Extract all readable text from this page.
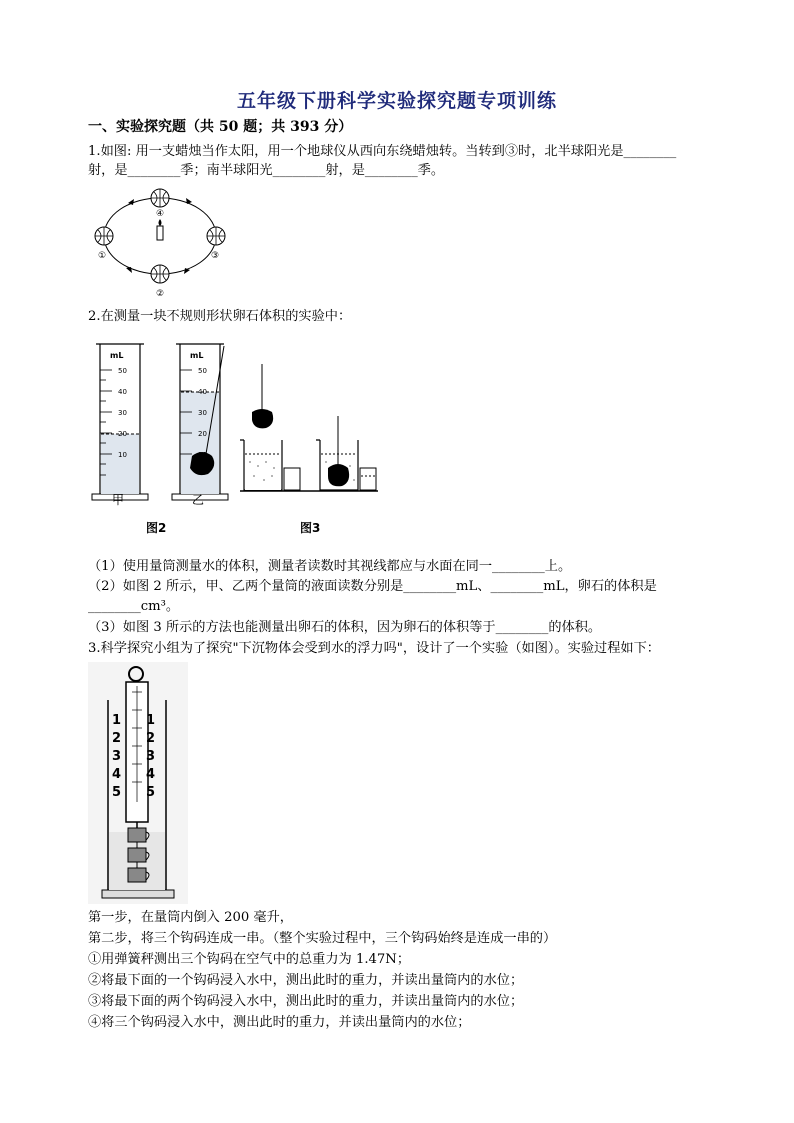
五年级下册科学实验探究题专项训练
一、实验探究题（共 50 题；共 393 分）
1.如图: 用一支蜡烛当作太阳，用一个地球仪从西向东绕蜡烛转。当转到③时，北半球阳光是________
射，是________季；南半球阳光________射，是________季。
①
②
③
④
2.在测量一块不规则形状卵石体积的实验中：
mL
50
40
30
20
10
甲
mL
50
40
30
20
10
乙
图2	图3
（1）使用量筒测量水的体积，测量者读数时其视线都应与水面在同一________上。
（2）如图 2 所示，甲、乙两个量筒的液面读数分别是________mL、________mL，卵石的体积是
________cm³。
（3）如图 3 所示的方法也能测量出卵石的体积，因为卵石的体积等于________的体积。
3.科学探究小组为了探究"下沉物体会受到水的浮力吗"，设计了一个实验（如图）。实验过程如下：
1
2
3
4
5
1
2
3
4
5
第一步，在量筒内倒入 200 毫升，
第二步，将三个钩码连成一串。（整个实验过程中，三个钩码始终是连成一串的）
①用弹簧秤测出三个钩码在空气中的总重力为 1.47N；
②将最下面的一个钩码浸入水中，测出此时的重力，并读出量筒内的水位；
③将最下面的两个钩码浸入水中，测出此时的重力，并读出量筒内的水位；
④将三个钩码浸入水中，测出此时的重力，并读出量筒内的水位；
